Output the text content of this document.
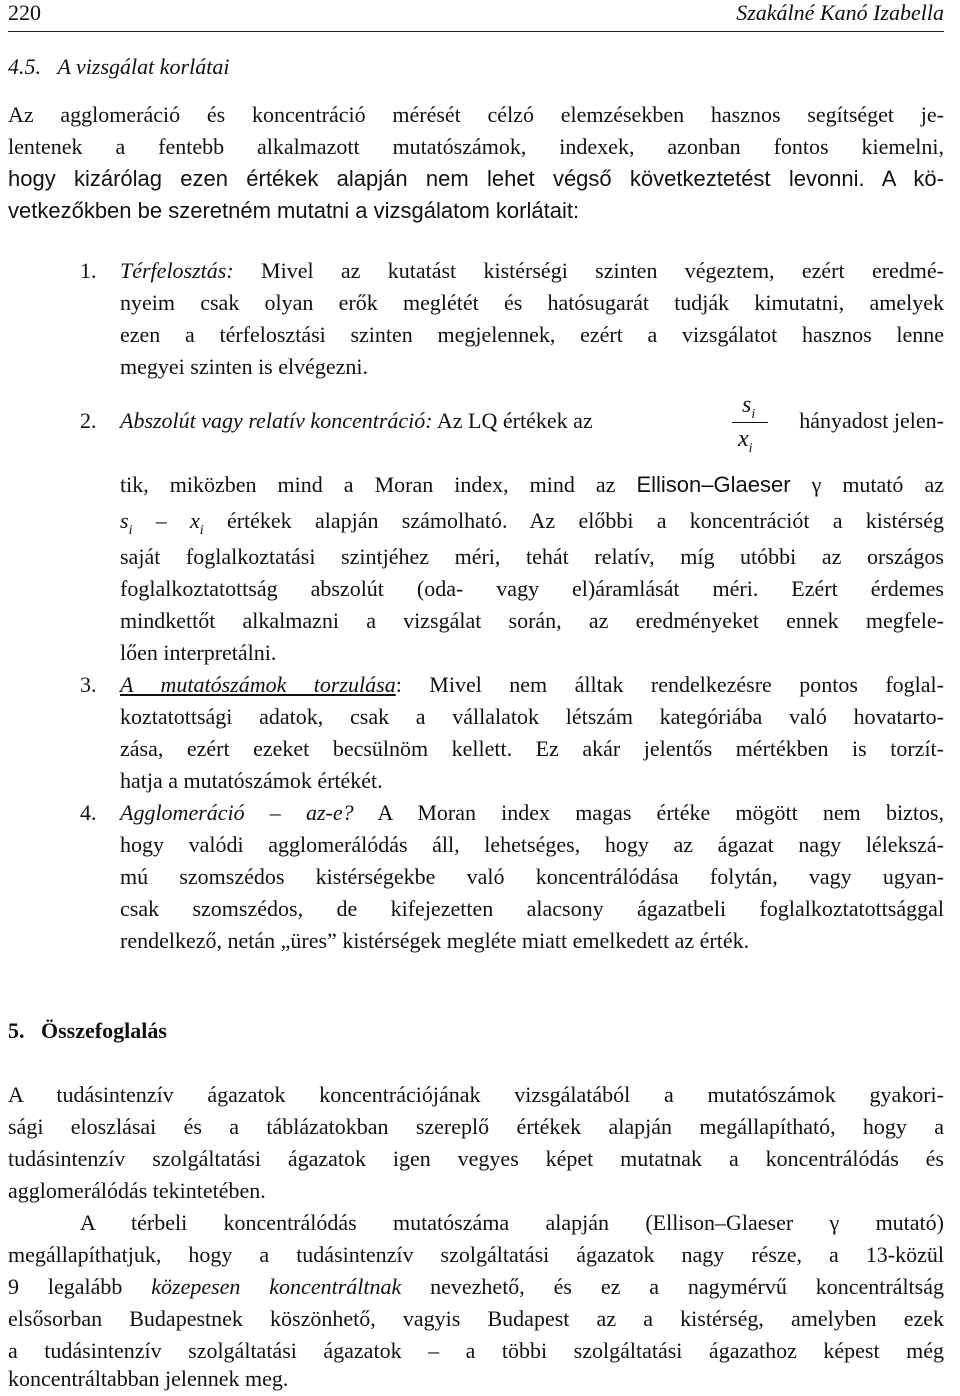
220	Szakálné Kanó Izabella
4.5.   A vizsgálat korlátai
Az agglomeráció és koncentráció mérését célzó elemzésekben hasznos segítséget je-
lentenek a fentebb alkalmazott mutatószámok, indexek, azonban fontos kiemelni,
hogy kizárólag ezen értékek alapján nem lehet végső következtetést levonni. A kö-
vetkezőkben be szeretném mutatni a vizsgálatom korlátait:
1. Térfelosztás: Mivel az kutatást kistérségi szinten végeztem, ezért eredmé-
nyeim csak olyan erők meglétét és hatósugarát tudják kimutatni, amelyek
ezen a térfelosztási szinten megjelennek, ezért a vizsgálatot hasznos lenne
megyei szinten is elvégezni.
2. Abszolút vagy relatív koncentráció: Az LQ értékek az
$s_i$
$x_i$
hányadost jelen-
tik, miközben mind a Moran index, mind az Ellison–Glaeser γ mutató az
$s_i - x_i$ értékek alapján számolható. Az előbbi a koncentrációt a kistérség
saját foglalkoztatási szintjéhez méri, tehát relatív, míg utóbbi az országos
foglalkoztatottság abszolút (oda- vagy el)áramlását méri. Ezért érdemes
mindkettőt alkalmazni a vizsgálat során, az eredményeket ennek megfele-
lően interpretálni.
3. A mutatószámok torzulása: Mivel nem álltak rendelkezésre pontos foglal-
koztatottsági adatok, csak a vállalatok létszám kategóriába való hovatarto-
zása, ezért ezeket becsülnöm kellett. Ez akár jelentős mértékben is torzít-
hatja a mutatószámok értékét.
4. Agglomeráció – az-e? A Moran index magas értéke mögött nem biztos,
hogy valódi agglomerálódás áll, lehetséges, hogy az ágazat nagy lélekszá-
mú szomszédos kistérségekbe való koncentrálódása folytán, vagy ugyan-
csak szomszédos, de kifejezetten alacsony ágazatbeli foglalkoztatottsággal
rendelkező, netán „üres” kistérségek megléte miatt emelkedett az érték.
5.   Összefoglalás
A tudásintenzív ágazatok koncentrációjának vizsgálatából a mutatószámok gyakori-
sági eloszlásai és a táblázatokban szereplő értékek alapján megállapítható, hogy a
tudásintenzív szolgáltatási ágazatok igen vegyes képet mutatnak a koncentrálódás és
agglomerálódás tekintetében.
A térbeli koncentrálódás mutatószáma alapján (Ellison–Glaeser γ mutató)
megállapíthatjuk, hogy a tudásintenzív szolgáltatási ágazatok nagy része, a 13-közül
9 legalább közepesen koncentráltnak nevezhető, és ez a nagymérvű koncentráltság
elsősorban Budapestnek köszönhető, vagyis Budapest az a kistérség, amelyben ezek
a tudásintenzív szolgáltatási ágazatok – a többi szolgáltatási ágazathoz képest még
koncentráltabban jelennek meg.
